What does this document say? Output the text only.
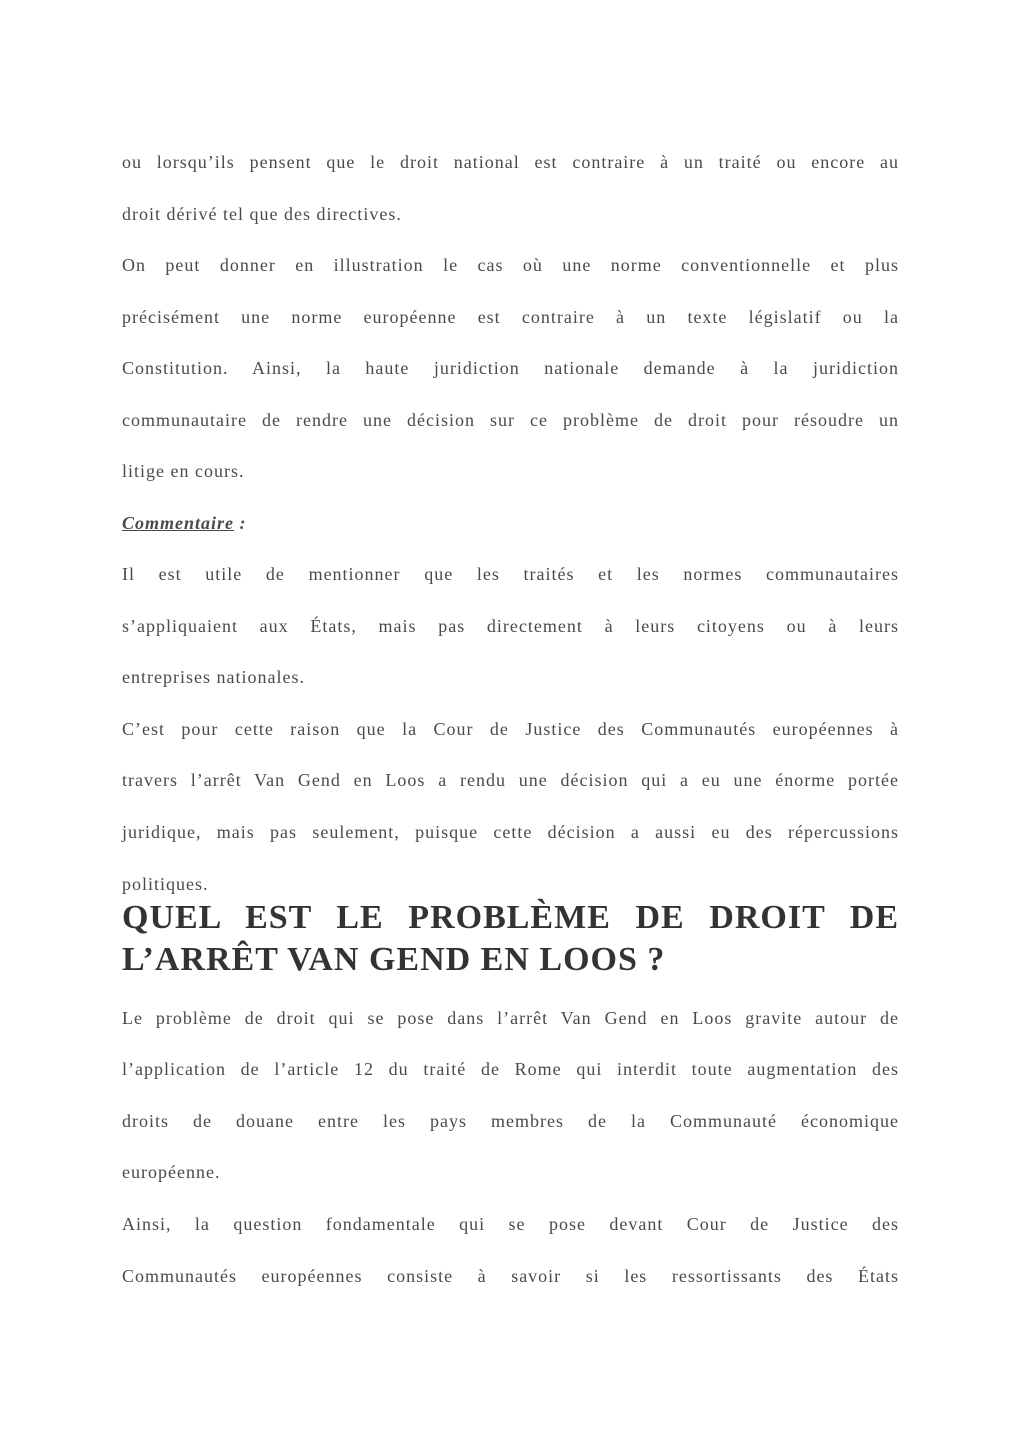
ou lorsqu’ils pensent que le droit national est contraire à un traité ou encore au
droit dérivé tel que des directives.
On peut donner en illustration le cas où une norme conventionnelle et plus
précisément une norme européenne est contraire à un texte législatif ou la
Constitution. Ainsi, la haute juridiction nationale demande à la juridiction
communautaire de rendre une décision sur ce problème de droit pour résoudre un
litige en cours.
Commentaire :
Il est utile de mentionner que les traités et les normes communautaires
s’appliquaient aux États, mais pas directement à leurs citoyens ou à leurs
entreprises nationales.
C’est pour cette raison que la Cour de Justice des Communautés européennes à
travers l’arrêt Van Gend en Loos a rendu une décision qui a eu une énorme portée
juridique, mais pas seulement, puisque cette décision a aussi eu des répercussions
politiques.
QUEL EST LE PROBLÈME DE DROIT DE
L’ARRÊT VAN GEND EN LOOS ?
Le problème de droit qui se pose dans l’arrêt Van Gend en Loos gravite autour de
l’application de l’article 12 du traité de Rome qui interdit toute augmentation des
droits de douane entre les pays membres de la Communauté économique
européenne.
Ainsi, la question fondamentale qui se pose devant Cour de Justice des
Communautés européennes consiste à savoir si les ressortissants des États
